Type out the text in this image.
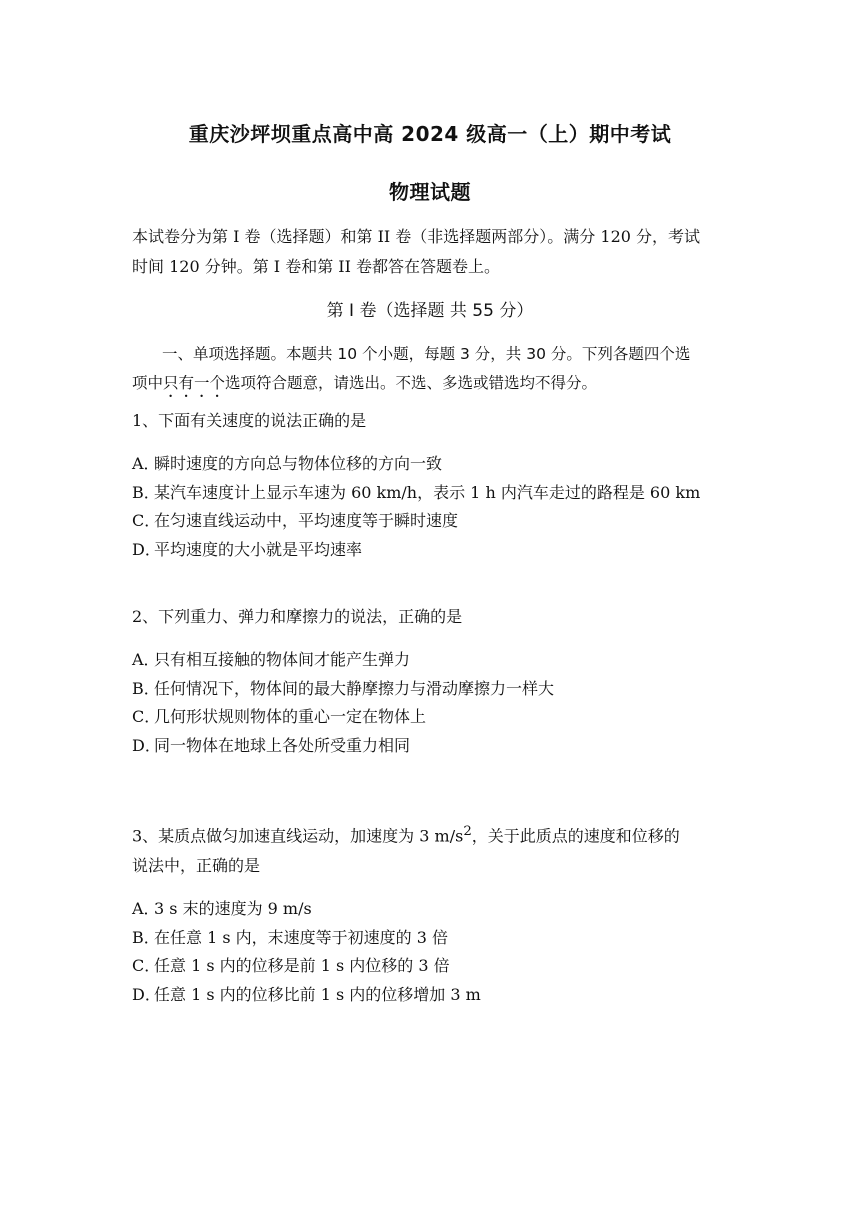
重庆沙坪坝重点高中高 2024 级高一（上）期中考试
物理试题
本试卷分为第 I 卷（选择题）和第 II 卷（非选择题两部分）。满分 120 分，考试
时间 120 分钟。第 I 卷和第 II 卷都答在答题卷上。
第 Ⅰ 卷（选择题 共 55 分）
一、单项选择题。本题共 10 个小题，每题 3 分，共 30 分。下列各题四个选
项中只有一个选项符合题意，请选出。不选、多选或错选均不得分。
1、下面有关速度的说法正确的是
A．瞬时速度的方向总与物体位移的方向一致
B．某汽车速度计上显示车速为 60 km/h，表示 1 h 内汽车走过的路程是 60 km
C．在匀速直线运动中，平均速度等于瞬时速度
D．平均速度的大小就是平均速率
2、下列重力、弹力和摩擦力的说法，正确的是
A．只有相互接触的物体间才能产生弹力
B．任何情况下，物体间的最大静摩擦力与滑动摩擦力一样大
C．几何形状规则物体的重心一定在物体上
D．同一物体在地球上各处所受重力相同
3、某质点做匀加速直线运动，加速度为 3 $m/s^2$，关于此质点的速度和位移的
说法中，正确的是
A．3 s 末的速度为 9 m/s
B．在任意 1 s 内，末速度等于初速度的 3 倍
C．任意 1 s 内的位移是前 1 s 内位移的 3 倍
D．任意 1 s 内的位移比前 1 s 内的位移增加 3 m
